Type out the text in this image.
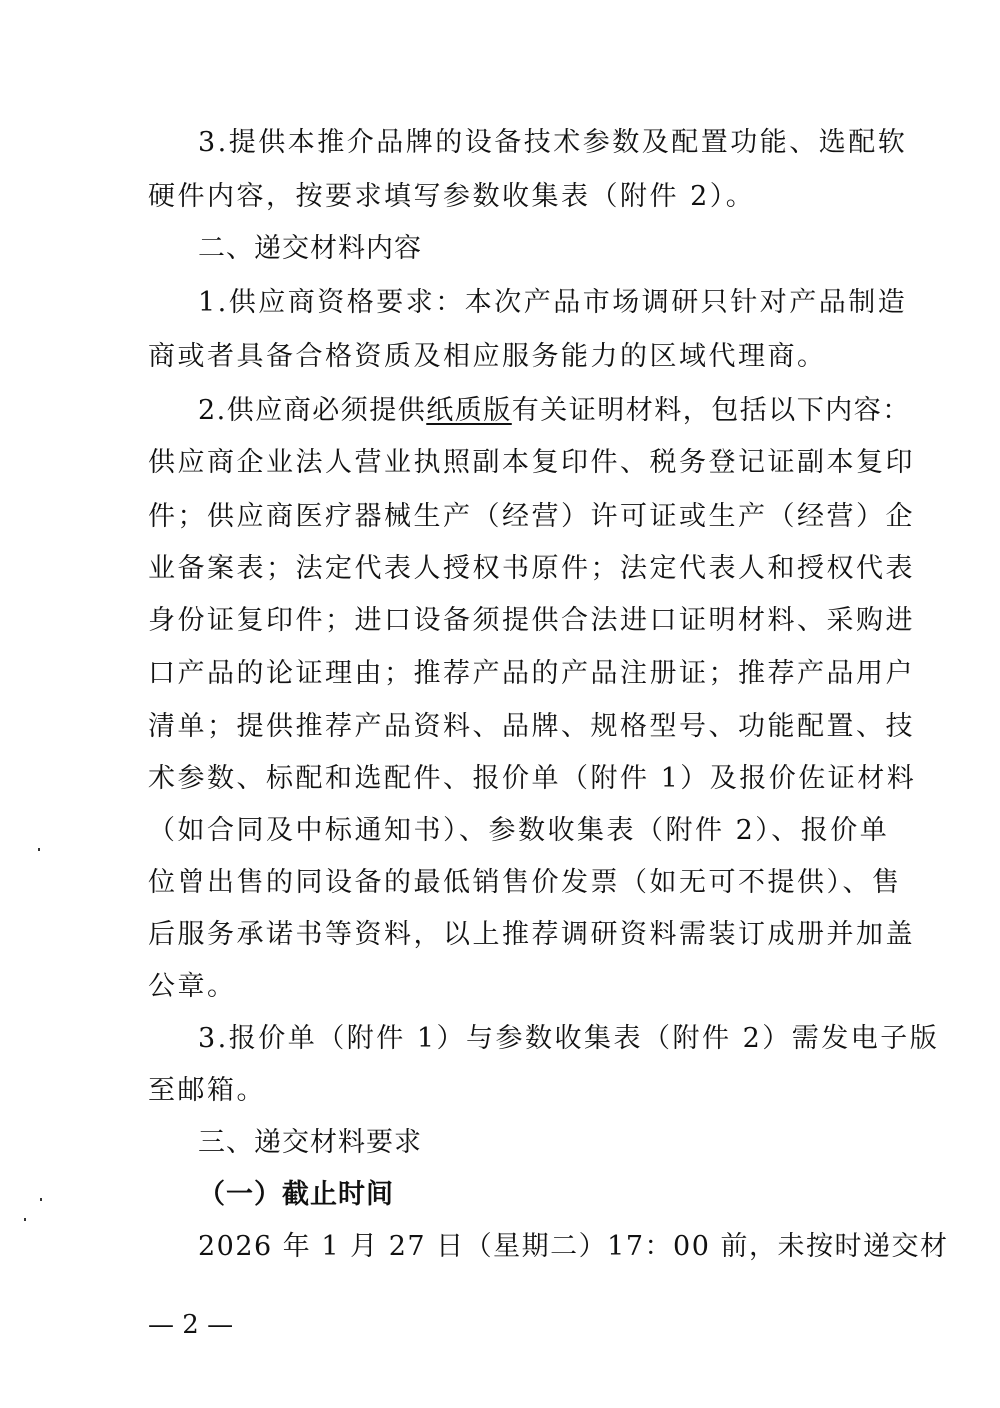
3.提供本推介品牌的设备技术参数及配置功能、选配软
硬件内容，按要求填写参数收集表（附件 2）。
二、递交材料内容
1.供应商资格要求：本次产品市场调研只针对产品制造
商或者具备合格资质及相应服务能力的区域代理商。
2.供应商必须提供纸质版有关证明材料，包括以下内容：
供应商企业法人营业执照副本复印件、税务登记证副本复印
件；供应商医疗器械生产（经营）许可证或生产（经营）企
业备案表；法定代表人授权书原件；法定代表人和授权代表
身份证复印件；进口设备须提供合法进口证明材料、采购进
口产品的论证理由；推荐产品的产品注册证；推荐产品用户
清单；提供推荐产品资料、品牌、规格型号、功能配置、技
术参数、标配和选配件、报价单（附件 1）及报价佐证材料
（如合同及中标通知书）、参数收集表（附件 2）、报价单
位曾出售的同设备的最低销售价发票（如无可不提供）、售
后服务承诺书等资料，以上推荐调研资料需装订成册并加盖
公章。
3.报价单（附件 1）与参数收集表（附件 2）需发电子版
至邮箱。
三、递交材料要求
（一）截止时间
2026 年 1 月 27 日（星期二）17：00 前，未按时递交材
— 2 —
